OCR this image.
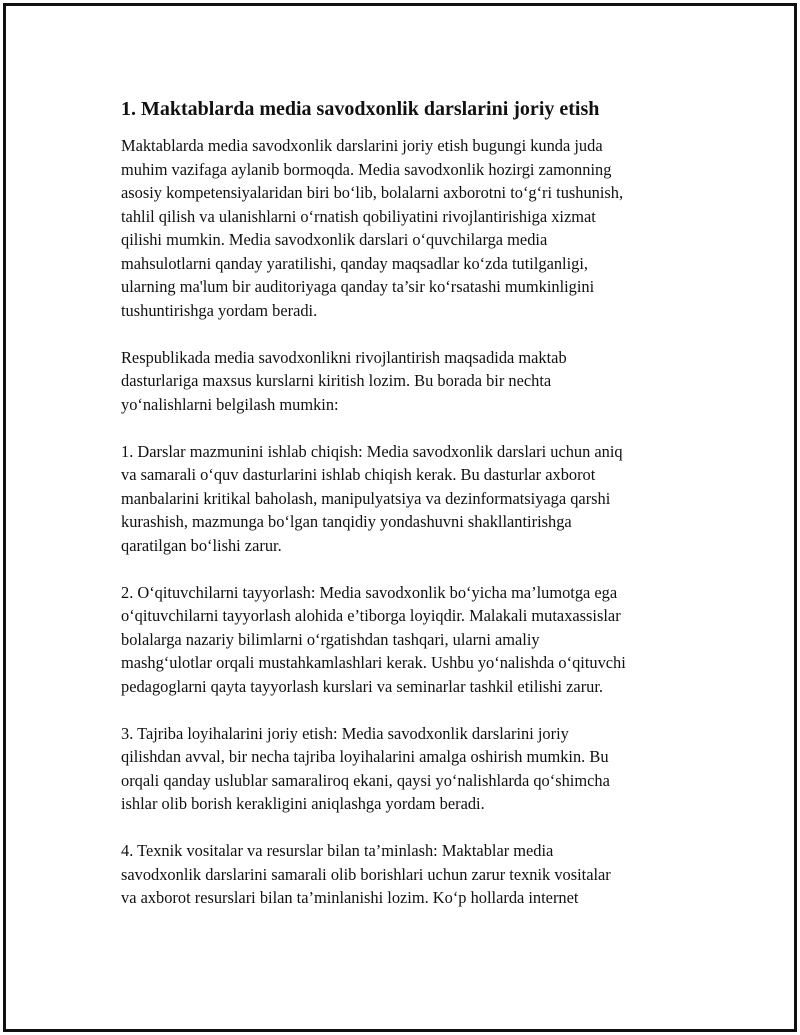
1. Maktablarda media savodxonlik darslarini joriy etish

Maktablarda media savodxonlik darslarini joriy etish bugungi kunda juda
muhim vazifaga aylanib bormoqda. Media savodxonlik hozirgi zamonning
asosiy kompetensiyalaridan biri bo‘lib, bolalarni axborotni to‘g‘ri tushunish,
tahlil qilish va ulanishlarni o‘rnatish qobiliyatini rivojlantirishiga xizmat
qilishi mumkin. Media savodxonlik darslari o‘quvchilarga media
mahsulotlarni qanday yaratilishi, qanday maqsadlar ko‘zda tutilganligi,
ularning ma'lum bir auditoriyaga qanday ta’sir ko‘rsatashi mumkinligini
tushuntirishga yordam beradi.

Respublikada media savodxonlikni rivojlantirish maqsadida maktab
dasturlariga maxsus kurslarni kiritish lozim. Bu borada bir nechta
yo‘nalishlarni belgilash mumkin:

1. Darslar mazmunini ishlab chiqish: Media savodxonlik darslari uchun aniq
va samarali o‘quv dasturlarini ishlab chiqish kerak. Bu dasturlar axborot
manbalarini kritikal baholash, manipulyatsiya va dezinformatsiyaga qarshi
kurashish, mazmunga bo‘lgan tanqidiy yondashuvni shakllantirishga
qaratilgan bo‘lishi zarur.

2. O‘qituvchilarni tayyorlash: Media savodxonlik bo‘yicha ma’lumotga ega
o‘qituvchilarni tayyorlash alohida e’tiborga loyiqdir. Malakali mutaxassislar
bolalarga nazariy bilimlarni o‘rgatishdan tashqari, ularni amaliy
mashg‘ulotlar orqali mustahkamlashlari kerak. Ushbu yo‘nalishda o‘qituvchi
pedagoglarni qayta tayyorlash kurslari va seminarlar tashkil etilishi zarur.

3. Tajriba loyihalarini joriy etish: Media savodxonlik darslarini joriy
qilishdan avval, bir necha tajriba loyihalarini amalga oshirish mumkin. Bu
orqali qanday uslublar samaraliroq ekani, qaysi yo‘nalishlarda qo‘shimcha
ishlar olib borish kerakligini aniqlashga yordam beradi.

4. Texnik vositalar va resurslar bilan ta’minlash: Maktablar media
savodxonlik darslarini samarali olib borishlari uchun zarur texnik vositalar
va axborot resurslari bilan ta’minlanishi lozim. Ko‘p hollarda internet
